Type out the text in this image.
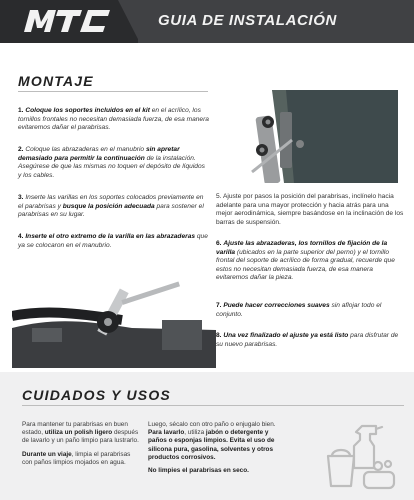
GUIA DE INSTALACIÓN
MONTAJE
1. Coloque los soportes incluidos en el kit en el acrílico, los tornillos frontales no necesitan demasiada fuerza, de esa manera evitaremos dañar el parabrisas.
2. Coloque las abrazaderas en el manubrio sin apretar demasiado para permitir la continuación de la instalación. Asegúrese de que las mismas no toquen el depósito de líquidos y los cables.
3. Inserte las varillas en los soportes colocados previamente en el parabrisas y busque la posición adecuada para sostener el parabrisas en su lugar.
4. Inserte el otro extremo de la varilla en las abrazaderas que ya se colocaron en el manubrio.
5. Ajuste por pasos la posición del parabrisas, inclínelo hacia adelante para una mayor protección y hacia atrás para una mejor aerodinámica, siempre basándose en la inclinación de los barras de suspensión.
6. Ajuste las abrazaderas, los tornillos de fijación de la varilla (ubicados en la parte superior del perno) y el tornillo frontal del soporte de acrílico de forma gradual, recuerde que estos no necesitan demasiada fuerza, de esa manera evitaremos dañar la pieza.
7. Puede hacer correcciones suaves sin aflojar todo el conjunto.
8. Una vez finalizado el ajuste ya está listo para disfrutar de su nuevo parabrisas.
CUIDADOS Y USOS

Para mantener tu parabrisas en buen estado, utiliza un polish ligero después de lavarlo y un paño limpio para lustrarlo.

Durante un viaje, limpia el parabrisas con paños limpios mojados en agua.

Luego, sécalo con otro paño o enjugalo bien. Para lavarlo, utiliza jabón o detergente y paños o esponjas limpios. Evita el uso de silicona pura, gasolina, solventes y otros productos corrosivos.

No limpies el parabrisas en seco.
